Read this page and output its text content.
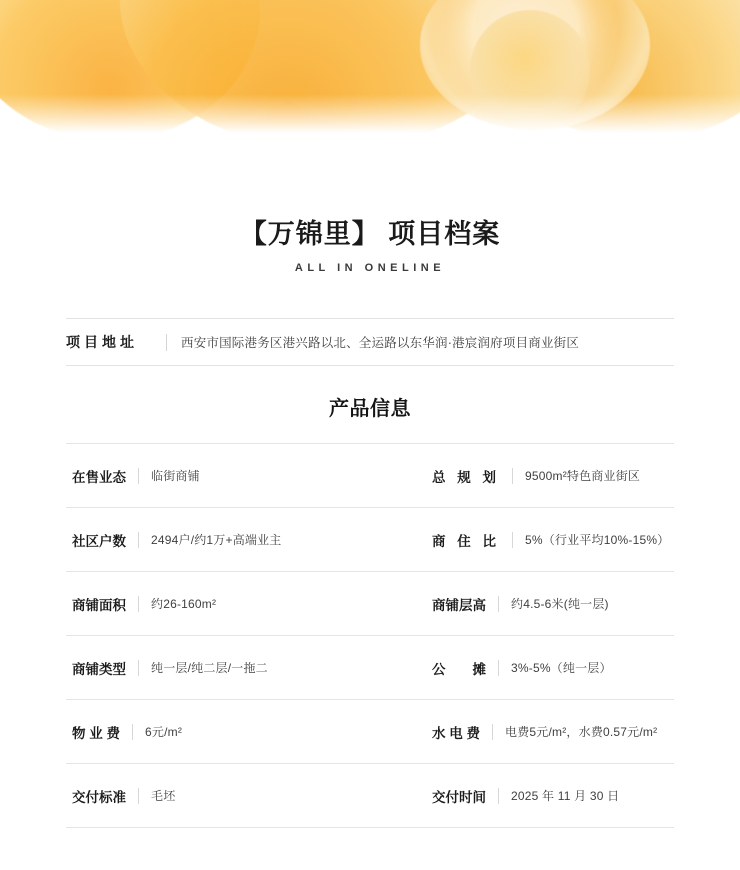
【万锦里】 项目档案
ALL IN ONELINE
项目地址	西安市国际港务区港兴路以北、全运路以东华润·港宸润府项目商业街区
产品信息
在售业态 临街商铺	总 规 划 9500m²特色商业街区
社区户数 2494户/约1万+高端业主	商 住 比 5%（行业平均10%-15%）
商铺面积 约26-160m²	商铺层高 约4.5-6米(纯一层)
商铺类型 纯一层/纯二层/一拖二	公　　摊 3%-5%（纯一层）
物 业 费 6元/m²	水 电 费 电费5元/m²，水费0.57元/m²
交付标准 毛坯	交付时间 2025 年 11 月 30 日
